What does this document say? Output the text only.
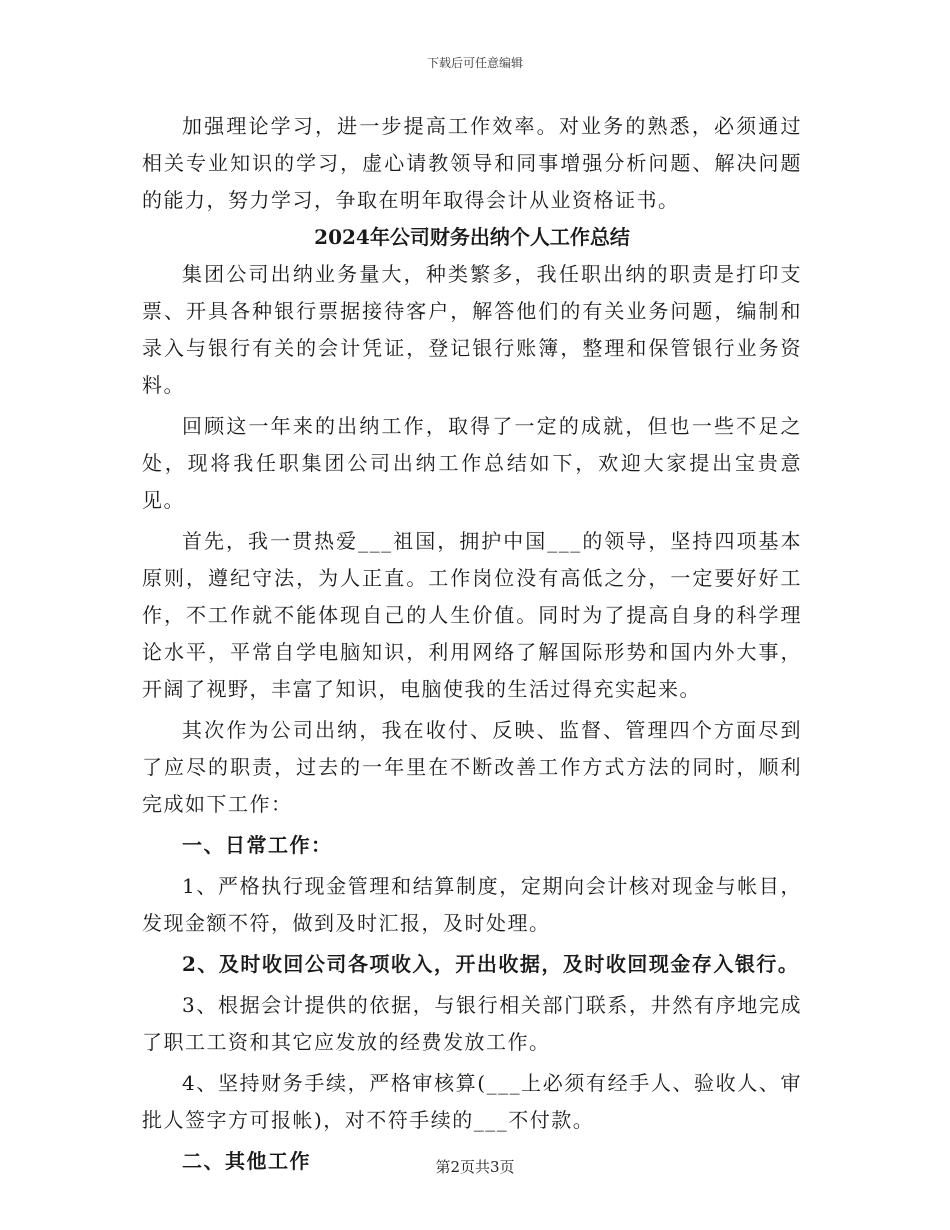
下载后可任意编辑

加强理论学习，进一步提高工作效率。对业务的熟悉，必须通过相关专业知识的学习，虚心请教领导和同事增强分析问题、解决问题的能力，努力学习，争取在明年取得会计从业资格证书。

2024年公司财务出纳个人工作总结

集团公司出纳业务量大，种类繁多，我任职出纳的职责是打印支票、开具各种银行票据接待客户，解答他们的有关业务问题，编制和录入与银行有关的会计凭证，登记银行账簿，整理和保管银行业务资料。

回顾这一年来的出纳工作，取得了一定的成就，但也一些不足之处，现将我任职集团公司出纳工作总结如下，欢迎大家提出宝贵意见。

首先，我一贯热爱___祖国，拥护中国___的领导，坚持四项基本原则，遵纪守法，为人正直。工作岗位没有高低之分，一定要好好工作，不工作就不能体现自己的人生价值。同时为了提高自身的科学理论水平，平常自学电脑知识，利用网络了解国际形势和国内外大事，开阔了视野，丰富了知识，电脑使我的生活过得充实起来。

其次作为公司出纳，我在收付、反映、监督、管理四个方面尽到了应尽的职责，过去的一年里在不断改善工作方式方法的同时，顺利完成如下工作：

一、日常工作：

1、严格执行现金管理和结算制度，定期向会计核对现金与帐目，发现金额不符，做到及时汇报，及时处理。

2、及时收回公司各项收入，开出收据，及时收回现金存入银行。

3、根据会计提供的依据，与银行相关部门联系，井然有序地完成了职工工资和其它应发放的经费发放工作。

4、坚持财务手续，严格审核算(___上必须有经手人、验收人、审批人签字方可报帐)，对不符手续的___不付款。

二、其他工作	第2页共3页
